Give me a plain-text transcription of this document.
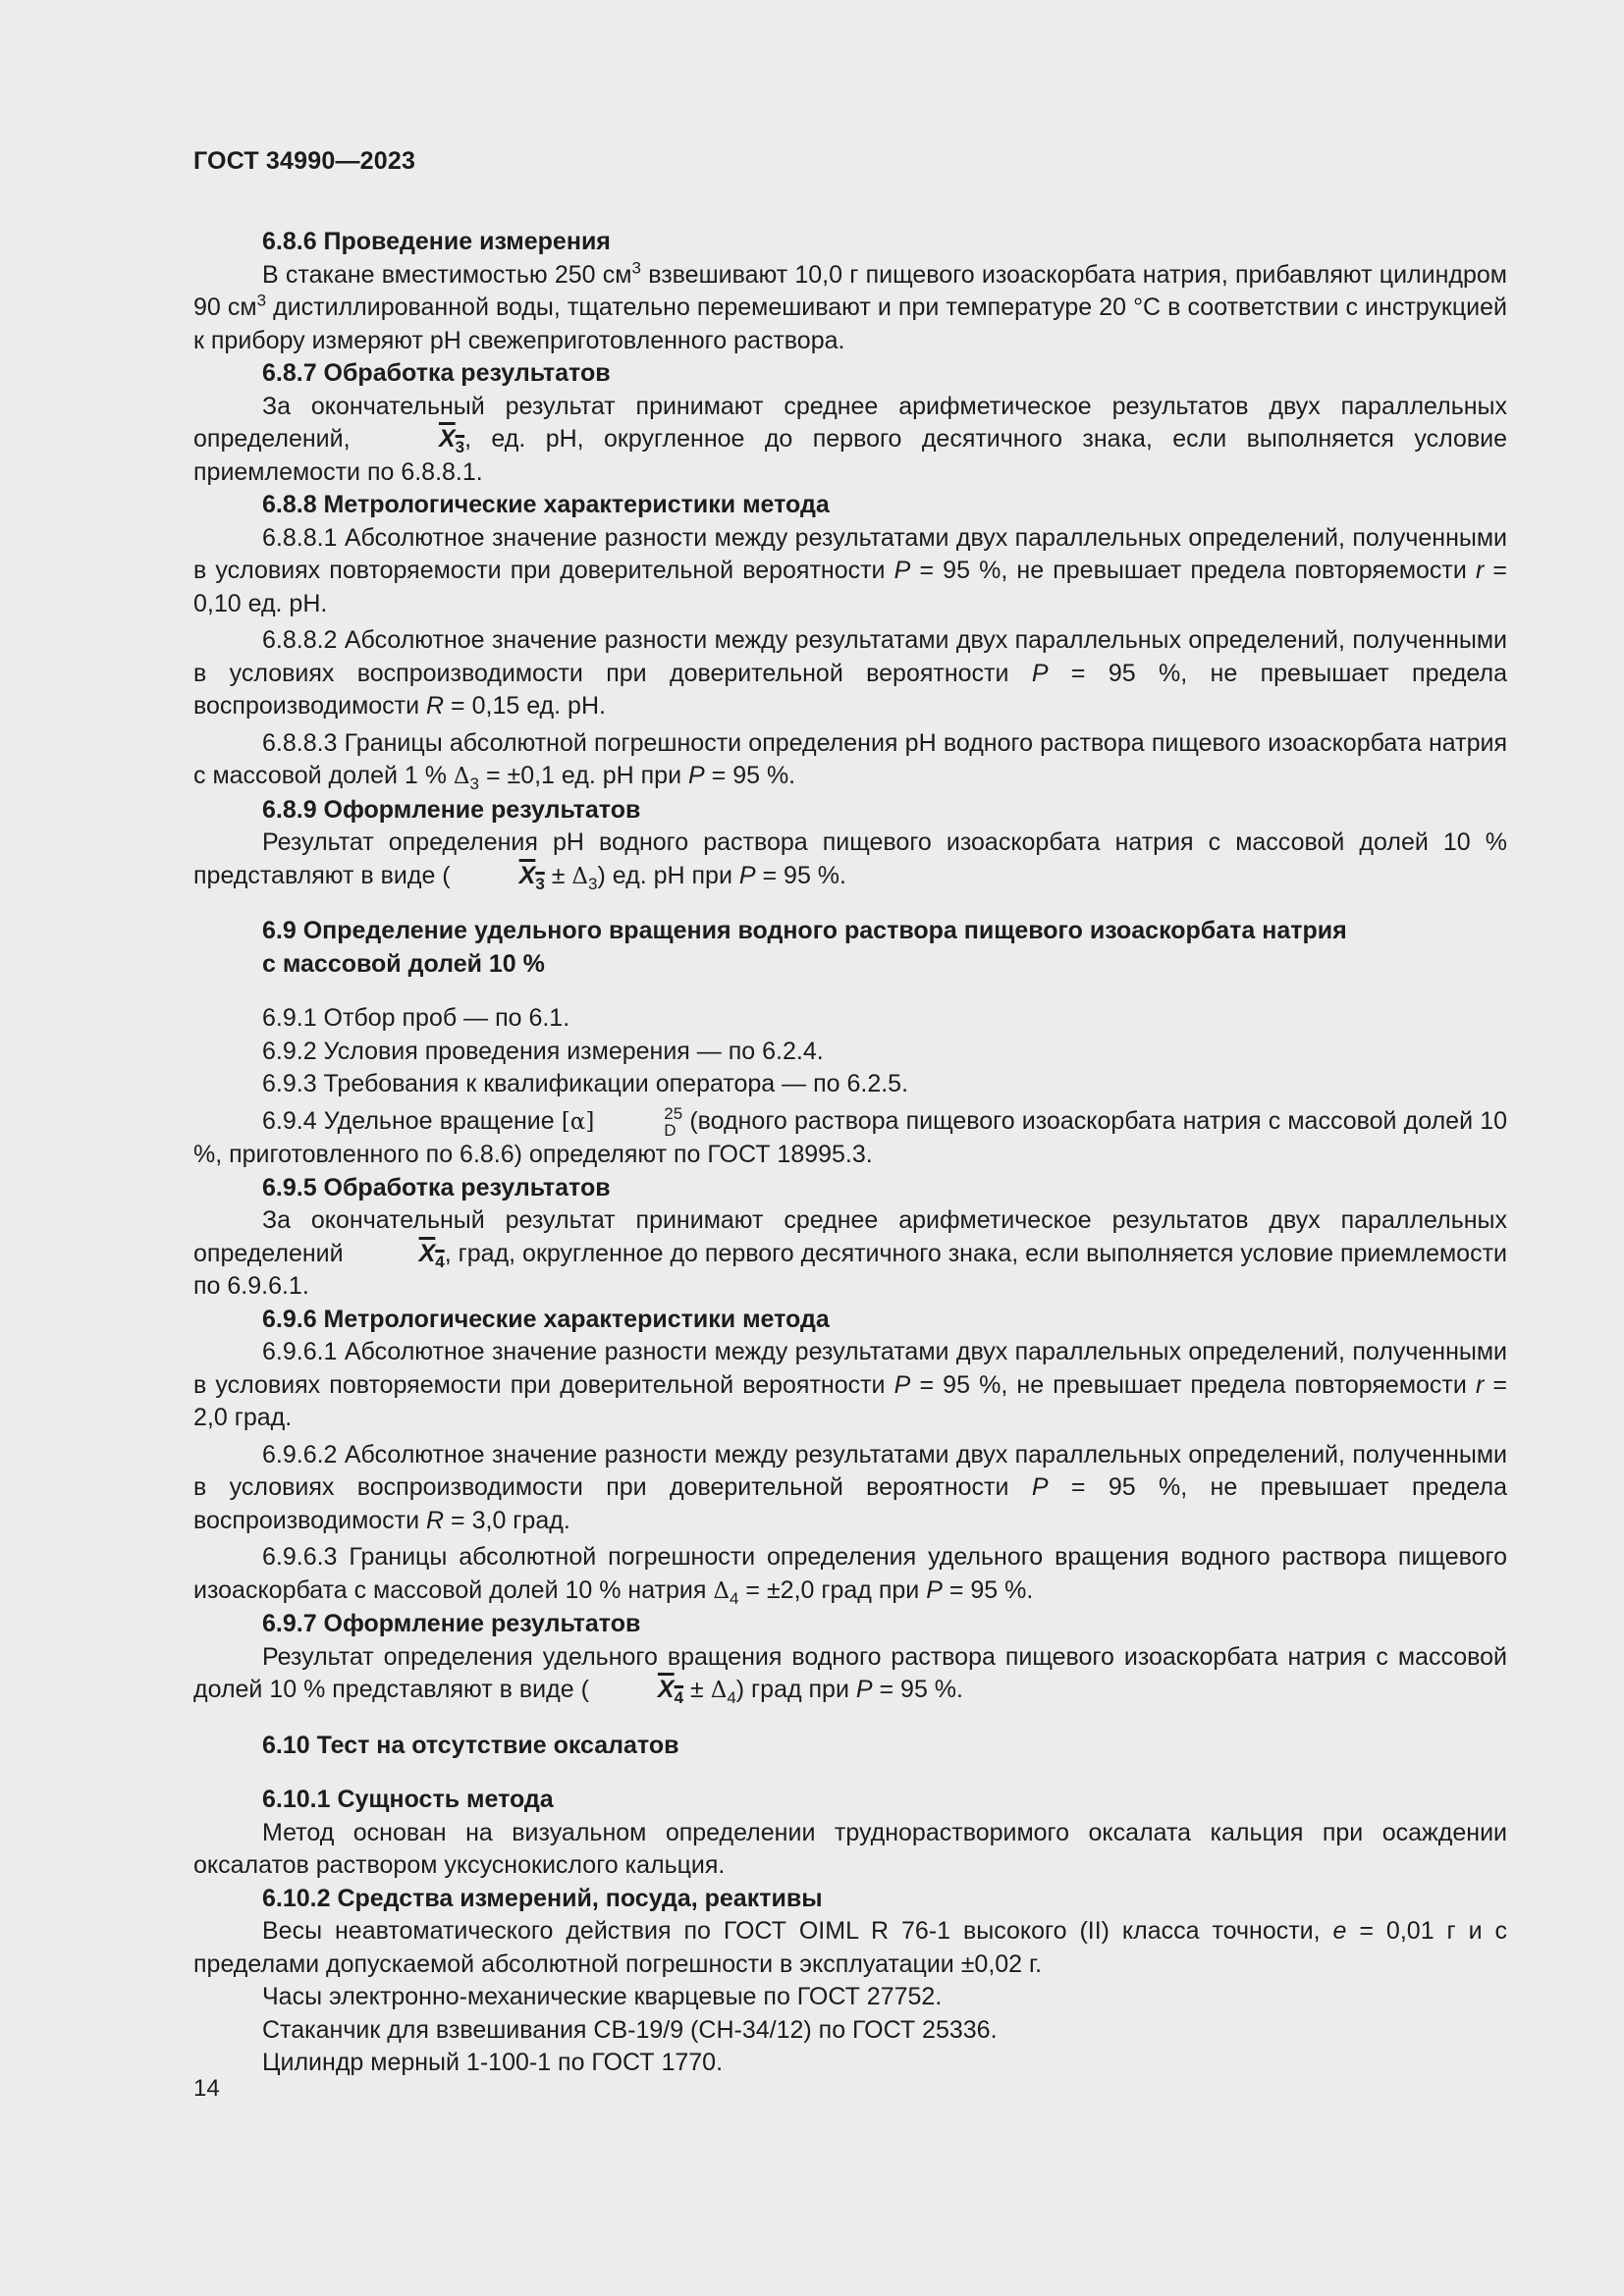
ГОСТ 34990—2023
6.8.6 Проведение измерения
В стакане вместимостью 250 $см^3$ взвешивают 10,0 г пищевого изоаскорбата натрия, прибавляют цилиндром 90 $см^3$ дистиллированной воды, тщательно перемешивают и при температуре 20 °C в соответствии с инструкцией к прибору измеряют pH свежеприготовленного раствора.
6.8.7 Обработка результатов
За окончательный результат принимают среднее арифметическое результатов двух параллельных определений,	$X_3$, ед. pH, округленное до первого десятичного знака, если выполняется условие приемлемости по 6.8.8.1.
6.8.8 Метрологические характеристики метода
6.8.8.1 Абсолютное значение разности между результатами двух параллельных определений, полученными в условиях повторяемости при доверительной вероятности P = 95 %, не превышает предела повторяемости r = 0,10 ед. pH.
6.8.8.2 Абсолютное значение разности между результатами двух параллельных определений, полученными в условиях воспроизводимости при доверительной вероятности P = 95 %, не превышает предела воспроизводимости R = 0,15 ед. pH.
6.8.8.3 Границы абсолютной погрешности определения pH водного раствора пищевого изоаскорбата натрия с массовой долей 1 % $\Delta_3 = \pm 0,1$ ед. pH при P = 95 %.
6.8.9 Оформление результатов
Результат определения pH водного раствора пищевого изоаскорбата натрия с массовой долей 10 % представляют в виде (	$X_3 \pm \Delta_3$) ед. pH при P = 95 %.
6.9 Определение удельного вращения водного раствора пищевого изоаскорбата натрия
с массовой долей 10 %
6.9.1 Отбор проб — по 6.1.
6.9.2 Условия проведения измерения — по 6.2.4.
6.9.3 Требования к квалификации оператора — по 6.2.5.
6.9.4 Удельное вращение [α]	25
D (водного раствора пищевого изоаскорбата натрия с массовой долей 10 %, приготовленного по 6.8.6) определяют по ГОСТ 18995.3.
6.9.5 Обработка результатов
За окончательный результат принимают среднее арифметическое результатов двух параллельных определений	$X_4$, град, округленное до первого десятичного знака, если выполняется условие приемлемости по 6.9.6.1.
6.9.6 Метрологические характеристики метода
6.9.6.1 Абсолютное значение разности между результатами двух параллельных определений, полученными в условиях повторяемости при доверительной вероятности P = 95 %, не превышает предела повторяемости r = 2,0 град.
6.9.6.2 Абсолютное значение разности между результатами двух параллельных определений, полученными в условиях воспроизводимости при доверительной вероятности P = 95 %, не превышает предела воспроизводимости R = 3,0 град.
6.9.6.3 Границы абсолютной погрешности определения удельного вращения водного раствора пищевого изоаскорбата с массовой долей 10 % натрия $\Delta_4 = \pm 2,0$ град при P = 95 %.
6.9.7 Оформление результатов
Результат определения удельного вращения водного раствора пищевого изоаскорбата натрия с массовой долей 10 % представляют в виде (	$X_4 \pm \Delta_4$) град при P = 95 %.
6.10 Тест на отсутствие оксалатов
6.10.1 Сущность метода
Метод основан на визуальном определении труднорастворимого оксалата кальция при осаждении оксалатов раствором уксуснокислого кальция.
6.10.2 Средства измерений, посуда, реактивы
Весы неавтоматического действия по ГОСТ OIML R 76-1 высокого (II) класса точности, e = 0,01 г и с пределами допускаемой абсолютной погрешности в эксплуатации ±0,02 г.
Часы электронно-механические кварцевые по ГОСТ 27752.
Стаканчик для взвешивания СВ-19/9 (СН-34/12) по ГОСТ 25336.
Цилиндр мерный 1-100-1 по ГОСТ 1770.
14
